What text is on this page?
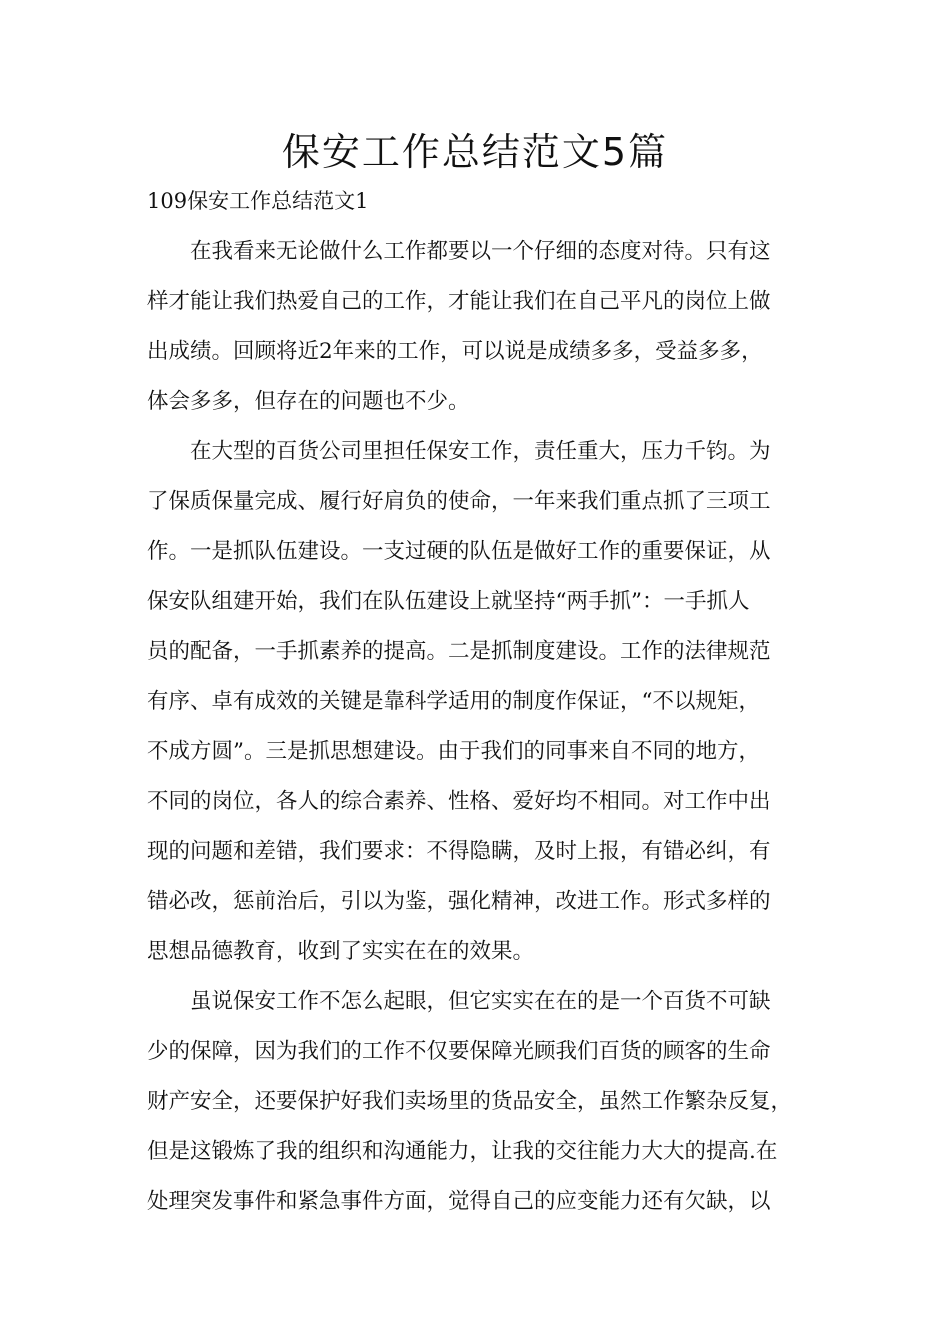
保安工作总结范文5篇

109保安工作总结范文1

在我看来无论做什么工作都要以一个仔细的态度对待。只有这

样才能让我们热爱自己的工作，才能让我们在自己平凡的岗位上做

出成绩。回顾将近2年来的工作，可以说是成绩多多，受益多多，

体会多多，但存在的问题也不少。

在大型的百货公司里担任保安工作，责任重大，压力千钧。为

了保质保量完成、履行好肩负的使命，一年来我们重点抓了三项工

作。一是抓队伍建设。一支过硬的队伍是做好工作的重要保证，从

保安队组建开始，我们在队伍建设上就坚持“两手抓”：一手抓人

员的配备，一手抓素养的提高。二是抓制度建设。工作的法律规范

有序、卓有成效的关键是靠科学适用的制度作保证，“不以规矩，

不成方圆”。三是抓思想建设。由于我们的同事来自不同的地方，

不同的岗位，各人的综合素养、性格、爱好均不相同。对工作中出

现的问题和差错，我们要求：不得隐瞒，及时上报，有错必纠，有

错必改，惩前治后，引以为鉴，强化精神，改进工作。形式多样的

思想品德教育，收到了实实在在的效果。

虽说保安工作不怎么起眼，但它实实在在的是一个百货不可缺

少的保障，因为我们的工作不仅要保障光顾我们百货的顾客的生命

财产安全，还要保护好我们卖场里的货品安全，虽然工作繁杂反复，

但是这锻炼了我的组织和沟通能力，让我的交往能力大大的提高.在

处理突发事件和紧急事件方面，觉得自己的应变能力还有欠缺，以
